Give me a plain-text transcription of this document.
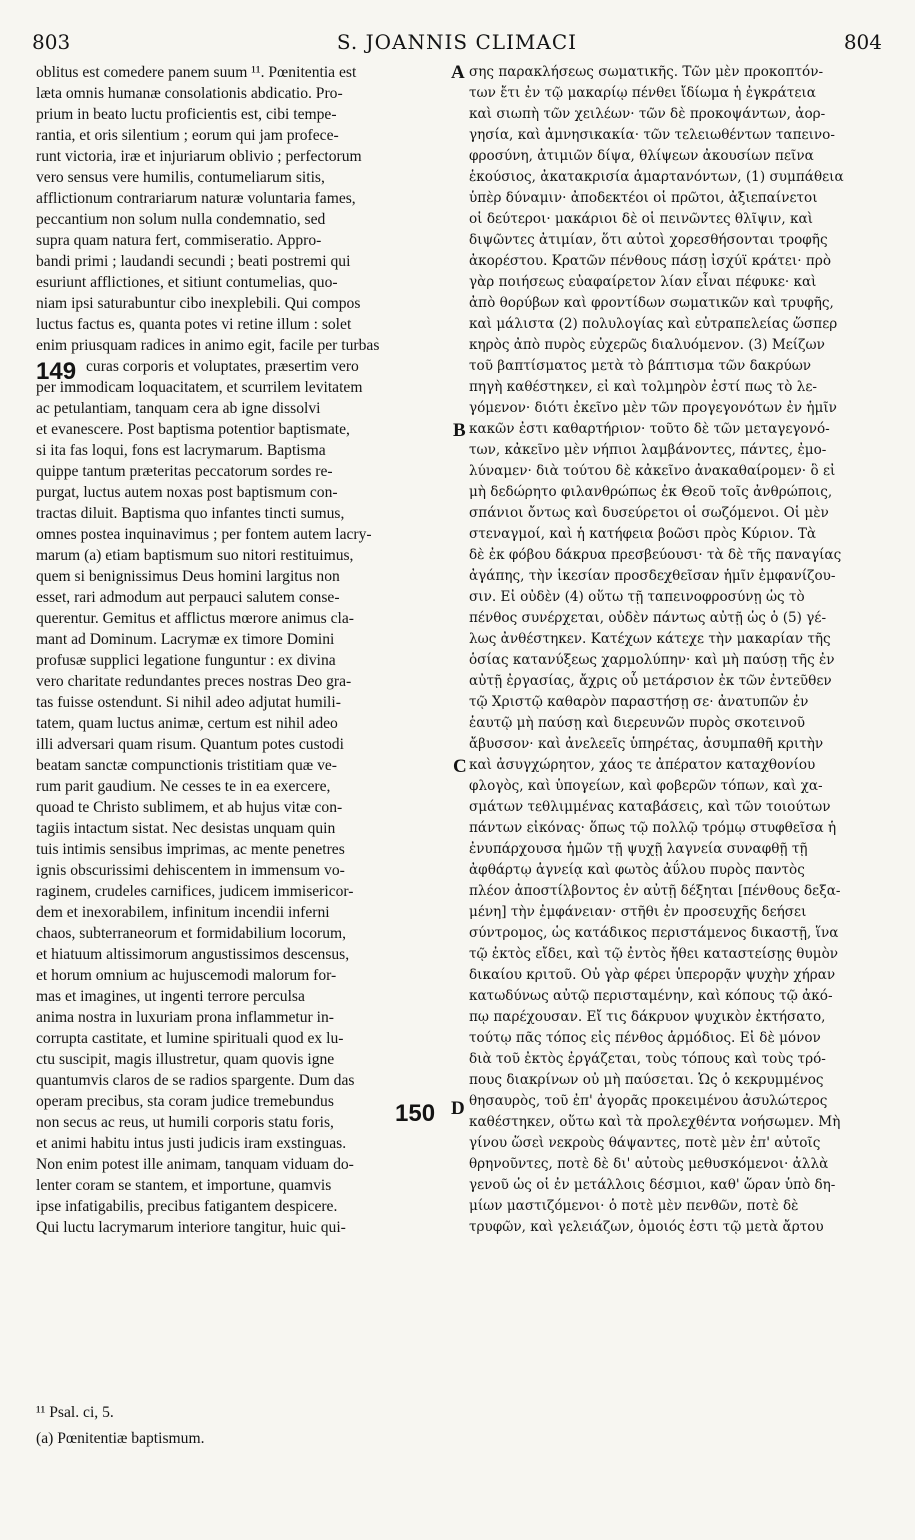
803	S. JOANNIS CLIMACI	804
oblitus est comedere panem suum ¹¹. Pœnitentia est
læta omnis humanæ consolationis abdicatio. Pro-
prium in beato luctu proficientis est, cibi tempe-
rantia, et oris silentium ; eorum qui jam profece-
runt victoria, iræ et injuriarum oblivio ; perfectorum
vero sensus vere humilis, contumeliarum sitis,
afflictionum contrariarum naturæ voluntaria fames,
peccantium non solum nulla condemnatio, sed
supra quam natura fert, commiseratio. Appro-
bandi primi ; laudandi secundi ; beati postremi qui
esuriunt afflictiones, et sitiunt contumelias, quo-
niam ipsi saturabuntur cibo inexplebili. Qui compos
luctus factus es, quanta potes vi retine illum : solet
enim priusquam radices in animo egit, facile per turbas
curas corporis et voluptates, præsertim vero
per immodicam loquacitatem, et scurrilem levitatem
ac petulantiam, tanquam cera ab igne dissolvi
et evanescere. Post baptisma potentior baptismate,
si ita fas loqui, fons est lacrymarum. Baptisma
quippe tantum præteritas peccatorum sordes re-
purgat, luctus autem noxas post baptismum con-
tractas diluit. Baptisma quo infantes tincti sumus,
omnes postea inquinavimus ; per fontem autem lacry-
marum (a) etiam baptismum suo nitori restituimus,
quem si benignissimus Deus homini largitus non
esset, rari admodum aut perpauci salutem conse-
querentur. Gemitus et afflictus mœrore animus cla-
mant ad Dominum. Lacrymæ ex timore Domini
profusæ supplici legatione funguntur : ex divina
vero charitate redundantes preces nostras Deo gra-
tas fuisse ostendunt. Si nihil adeo adjutat humili-
tatem, quam luctus animæ, certum est nihil adeo
illi adversari quam risum. Quantum potes custodi
beatam sanctæ compunctionis tristitiam quæ ve-
rum parit gaudium. Ne cesses te in ea exercere,
quoad te Christo sublimem, et ab hujus vitæ con-
tagiis intactum sistat. Nec desistas unquam quin
tuis intimis sensibus imprimas, ac mente penetres
ignis obscurissimi dehiscentem in immensum vo-
raginem, crudeles carnifices, judicem immisericor-
dem et inexorabilem, infinitum incendii inferni
chaos, subterraneorum et formidabilium locorum,
et hiatuum altissimorum angustissimos descensus,
et horum omnium ac hujuscemodi malorum for-
mas et imagines, ut ingenti terrore perculsa
anima nostra in luxuriam prona inflammetur in-
corrupta castitate, et lumine spirituali quod ex lu-
ctu suscipit, magis illustretur, quam quovis igne
quantumvis claros de se radios spargente. Dum das
operam precibus, sta coram judice tremebundus
non secus ac reus, ut humili corporis statu foris,
et animi habitu intus justi judicis iram exstinguas.
Non enim potest ille animam, tanquam viduam do-
lenter coram se stantem, et importune, quamvis
ipse infatigabilis, precibus fatigantem despicere.
Qui luctu lacrymarum interiore tangitur, huic qui-
σης παρακλήσεως σωματικῆς. Τῶν μὲν προκοπτόν-
των ἔτι ἐν τῷ μακαρίῳ πένθει ἴδίωμα ἡ ἐγκράτεια
καὶ σιωπὴ τῶν χειλέων· τῶν δὲ προκοψάντων, ἀορ-
γησία, καὶ ἀμνησικακία· τῶν τελειωθέντων ταπεινο-
φροσύνη, ἀτιμιῶν δίψα, θλίψεων ἀκουσίων πεῖνα
ἑκούσιος, ἀκατακρισία ἁμαρτανόντων, (1) συμπάθεια
ὑπὲρ δύναμιν· ἀποδεκτέοι οἱ πρῶτοι, ἀξιεπαίνετοι
οἱ δεύτεροι· μακάριοι δὲ οἱ πεινῶντες θλῖψιν, καὶ
διψῶντες ἀτιμίαν, ὅτι αὐτοὶ χορεσθήσονται τροφῆς
ἀκορέστου. Κρατῶν πένθους πάσῃ ἰσχύϊ κράτει· πρὸ
γὰρ ποιήσεως εὐαφαίρετον λίαν εἶναι πέφυκε· καὶ
ἀπὸ θορύβων καὶ φροντίδων σωματικῶν καὶ τρυφῆς,
καὶ μάλιστα (2) πολυλογίας καὶ εὐτραπελείας ὥσπερ
κηρὸς ἀπὸ πυρὸς εὐχερῶς διαλυόμενον. (3) Μείζων
τοῦ βαπτίσματος μετὰ τὸ βάπτισμα τῶν δακρύων
πηγὴ καθέστηκεν, εἰ καὶ τολμηρὸν ἐστί πως τὸ λε-
γόμενον· διότι ἐκεῖνο μὲν τῶν προγεγονότων ἐν ἡμῖν
κακῶν ἐστι καθαρτήριον· τοῦτο δὲ τῶν μεταγεγονό-
των, κἀκεῖνο μὲν νήπιοι λαμβάνοντες, πάντες, ἐμο-
λύναμεν· διὰ τούτου δὲ κἀκεῖνο ἀνακαθαίρομεν· ὃ εἰ
μὴ δεδώρητο φιλανθρώπως ἐκ Θεοῦ τοῖς ἀνθρώποις,
σπάνιοι ὄντως καὶ δυσεύρετοι οἱ σωζόμενοι. Οἱ μὲν
στεναγμοί, καὶ ἡ κατήφεια βοῶσι πρὸς Κύριον. Τὰ
δὲ ἐκ φόβου δάκρυα πρεσβεύουσι· τὰ δὲ τῆς παναγίας
ἀγάπης, τὴν ἱκεσίαν προσδεχθεῖσαν ἡμῖν ἐμφανίζου-
σιν. Εἰ οὐδὲν (4) οὕτω τῇ ταπεινοφροσύνῃ ὡς τὸ
πένθος συνέρχεται, οὐδὲν πάντως αὐτῇ ὡς ὁ (5) γέ-
λως ἀνθέστηκεν. Κατέχων κάτεχε τὴν μακαρίαν τῆς
ὁσίας κατανύξεως χαρμολύπην· καὶ μὴ παύσῃ τῆς ἐν
αὐτῇ ἐργασίας, ἄχρις οὗ μετάρσιον ἐκ τῶν ἐντεῦθεν
τῷ Χριστῷ καθαρὸν παραστήσῃ σε· ἀνατυπῶν ἐν
ἑαυτῷ μὴ παύσῃ καὶ διερευνῶν πυρὸς σκοτεινοῦ
ἄβυσσον· καὶ ἀνελεεῖς ὑπηρέτας, ἀσυμπαθῆ κριτὴν
καὶ ἀσυγχώρητον, χάος τε ἀπέρατον καταχθονίου
φλογὸς, καὶ ὑπογείων, καὶ φοβερῶν τόπων, καὶ χα-
σμάτων τεθλιμμένας καταβάσεις, καὶ τῶν τοιούτων
πάντων εἰκόνας· ὅπως τῷ πολλῷ τρόμῳ στυφθεῖσα ἡ
ἐνυπάρχουσα ἡμῶν τῇ ψυχῇ λαγνεία συναφθῇ τῇ
ἀφθάρτῳ ἁγνείᾳ καὶ φωτὸς ἀΰλου πυρὸς παντὸς
πλέον ἀποστίλβοντος ἐν αὐτῇ δέξηται [πένθους δεξα-
μένη] τὴν ἐμφάνειαν· στῆθι ἐν προσευχῆς δεήσει
σύντρομος, ὡς κατάδικος περιστάμενος δικαστῇ, ἵνα
τῷ ἐκτὸς εἴδει, καὶ τῷ ἐντὸς ἤθει καταστείσῃς θυμὸν
δικαίου κριτοῦ. Οὐ γὰρ φέρει ὑπερορᾷν ψυχὴν χήραν
κατωδύνως αὐτῷ περισταμένην, καὶ κόπους τῷ ἀκό-
πῳ παρέχουσαν. Εἴ τις δάκρυον ψυχικὸν ἐκτήσατο,
τούτῳ πᾶς τόπος εἰς πένθος ἁρμόδιος. Εἰ δὲ μόνον
διὰ τοῦ ἐκτὸς ἐργάζεται, τοὺς τόπους καὶ τοὺς τρό-
πους διακρίνων οὐ μὴ παύσεται. Ὡς ὁ κεκρυμμένος
θησαυρὸς, τοῦ ἐπ' ἀγορᾶς προκειμένου ἀσυλώτερος
καθέστηκεν, οὕτω καὶ τὰ προλεχθέντα νοήσωμεν. Μὴ
γίνου ὥσεὶ νεκροὺς θάψαντες, ποτὲ μὲν ἐπ' αὐτοῖς
θρηνοῦντες, ποτὲ δὲ δι' αὐτοὺς μεθυσκόμενοι· ἀλλὰ
γενοῦ ὡς οἱ ἐν μετάλλοις δέσμιοι, καθ' ὥραν ὑπὸ δη-
μίων μαστιζόμενοι· ὁ ποτὲ μὲν πενθῶν, ποτὲ δὲ
τρυφῶν, καὶ γελειάζων, ὁμοιός ἐστι τῷ μετὰ ἄρτου
A
B
C
D
149
150
¹¹ Psal. ci, 5.
(a) Pœnitentiæ baptismum.
